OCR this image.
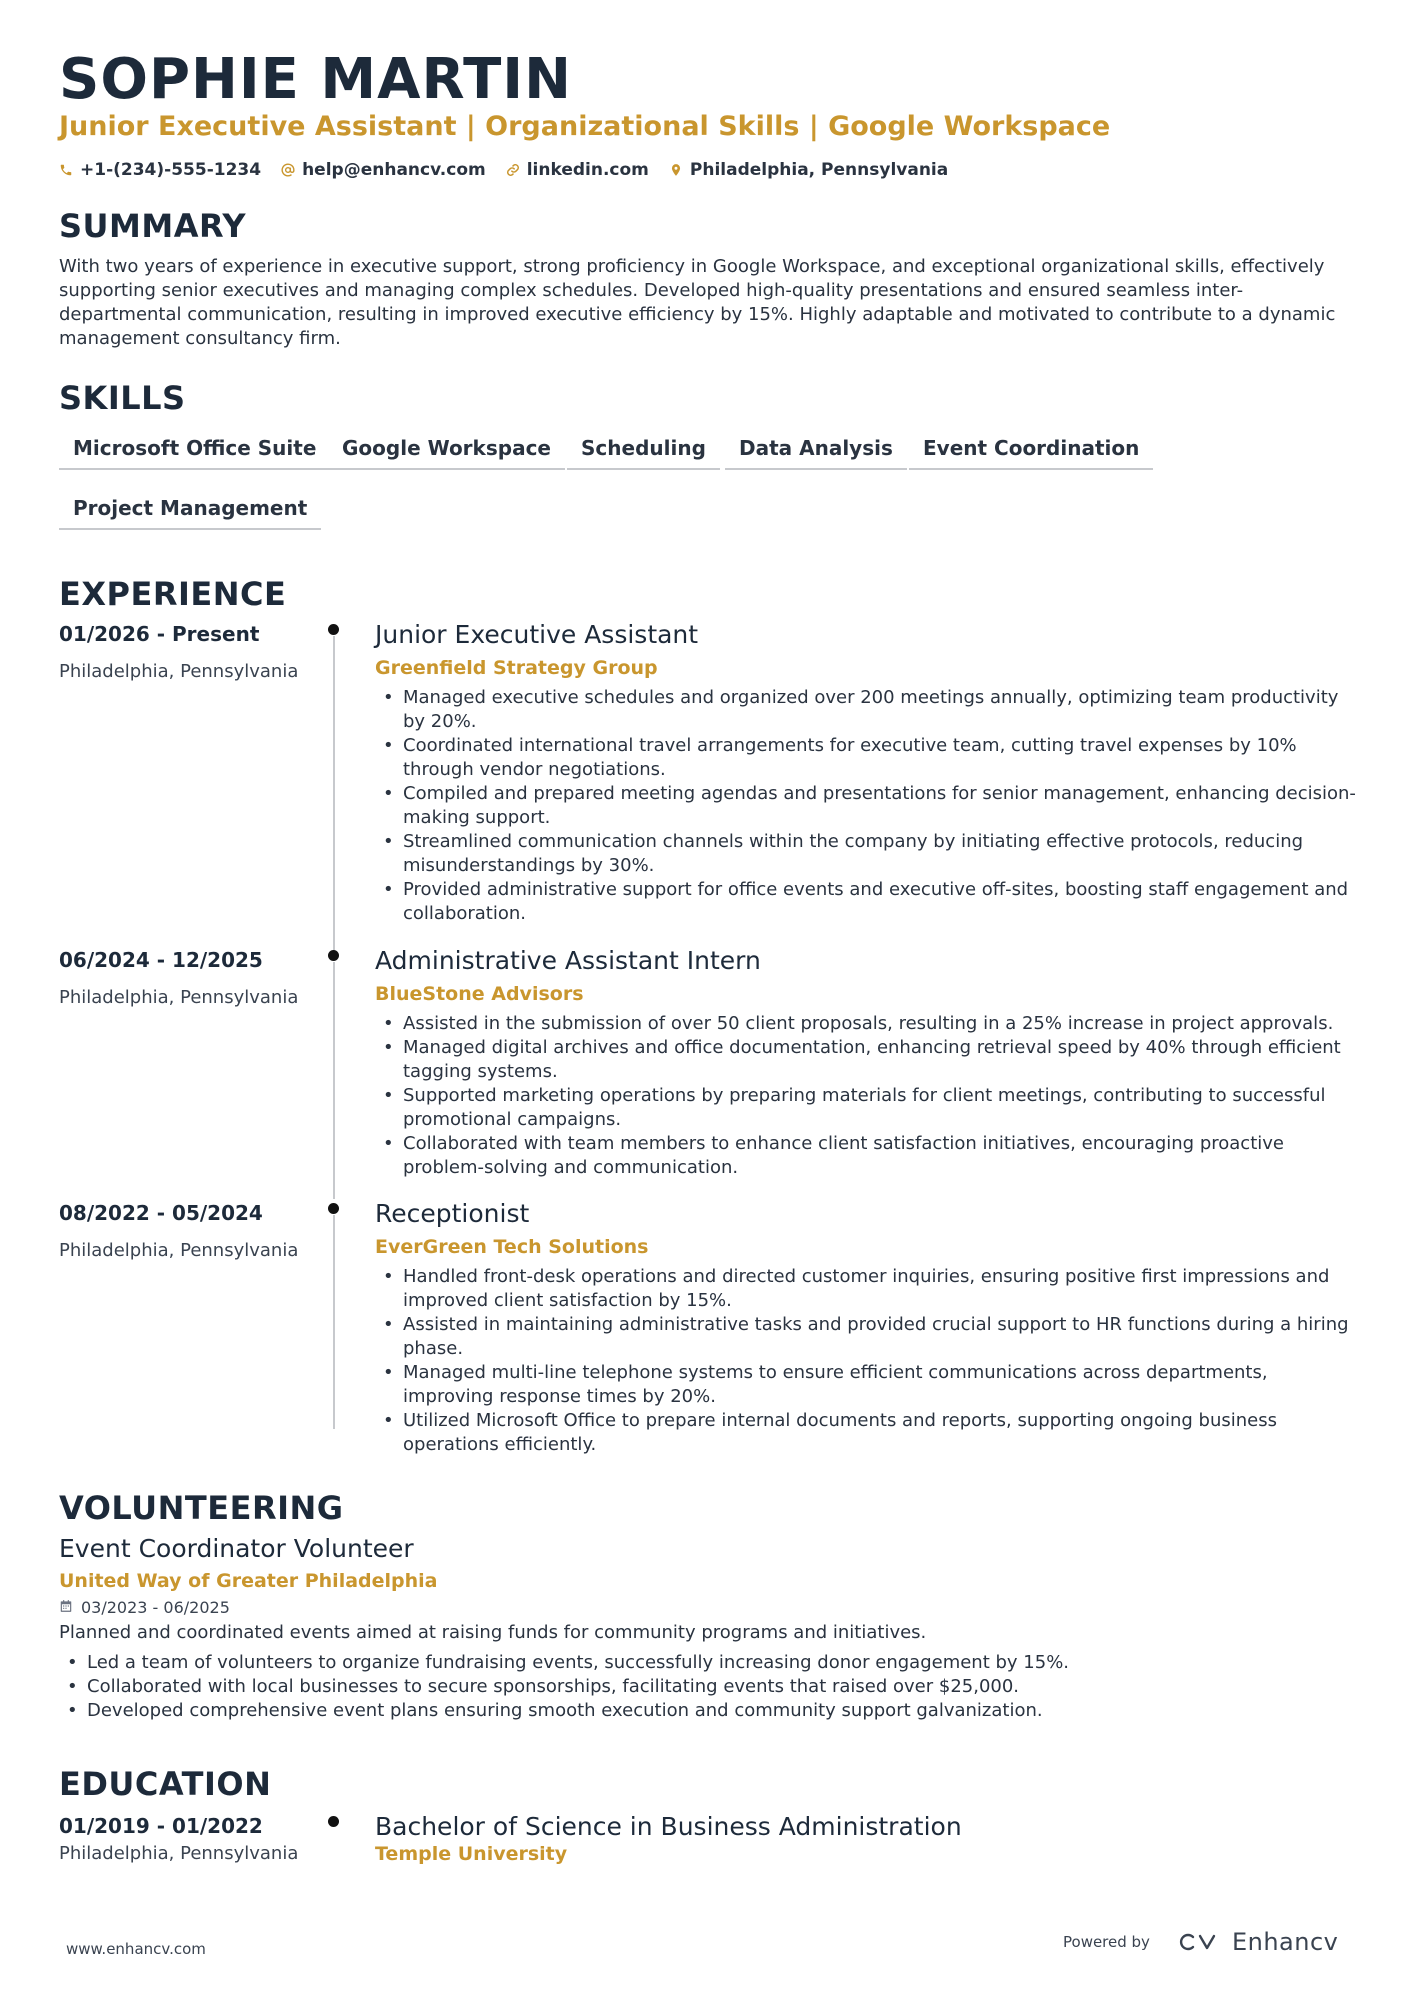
SOPHIE MARTIN
Junior Executive Assistant | Organizational Skills | Google Workspace
+1-(234)-555-1234 help@enhancv.com linkedin.com Philadelphia, Pennsylvania
SUMMARY
With two years of experience in executive support, strong proficiency in Google Workspace, and exceptional organizational skills, effectively supporting senior executives and managing complex schedules. Developed high-quality presentations and ensured seamless inter-departmental communication, resulting in improved executive efficiency by 15%. Highly adaptable and motivated to contribute to a dynamic management consultancy firm.
SKILLS
Microsoft Office Suite	Google Workspace	Scheduling	Data Analysis	Event Coordination
Project Management
EXPERIENCE
01/2026 - Present
Philadelphia, Pennsylvania
Junior Executive Assistant
Greenfield Strategy Group
• Managed executive schedules and organized over 200 meetings annually, optimizing team productivity by 20%.
• Coordinated international travel arrangements for executive team, cutting travel expenses by 10% through vendor negotiations.
• Compiled and prepared meeting agendas and presentations for senior management, enhancing decision-making support.
• Streamlined communication channels within the company by initiating effective protocols, reducing misunderstandings by 30%.
• Provided administrative support for office events and executive off-sites, boosting staff engagement and collaboration.
06/2024 - 12/2025
Philadelphia, Pennsylvania
Administrative Assistant Intern
BlueStone Advisors
• Assisted in the submission of over 50 client proposals, resulting in a 25% increase in project approvals.
• Managed digital archives and office documentation, enhancing retrieval speed by 40% through efficient tagging systems.
• Supported marketing operations by preparing materials for client meetings, contributing to successful promotional campaigns.
• Collaborated with team members to enhance client satisfaction initiatives, encouraging proactive problem-solving and communication.
08/2022 - 05/2024
Philadelphia, Pennsylvania
Receptionist
EverGreen Tech Solutions
• Handled front-desk operations and directed customer inquiries, ensuring positive first impressions and improved client satisfaction by 15%.
• Assisted in maintaining administrative tasks and provided crucial support to HR functions during a hiring phase.
• Managed multi-line telephone systems to ensure efficient communications across departments, improving response times by 20%.
• Utilized Microsoft Office to prepare internal documents and reports, supporting ongoing business operations efficiently.
VOLUNTEERING
Event Coordinator Volunteer
United Way of Greater Philadelphia
03/2023 - 06/2025
Planned and coordinated events aimed at raising funds for community programs and initiatives.
• Led a team of volunteers to organize fundraising events, successfully increasing donor engagement by 15%.
• Collaborated with local businesses to secure sponsorships, facilitating events that raised over $25,000.
• Developed comprehensive event plans ensuring smooth execution and community support galvanization.
EDUCATION
01/2019 - 01/2022
Philadelphia, Pennsylvania
Bachelor of Science in Business Administration
Temple University
www.enhancv.com	Powered by	Enhancv
